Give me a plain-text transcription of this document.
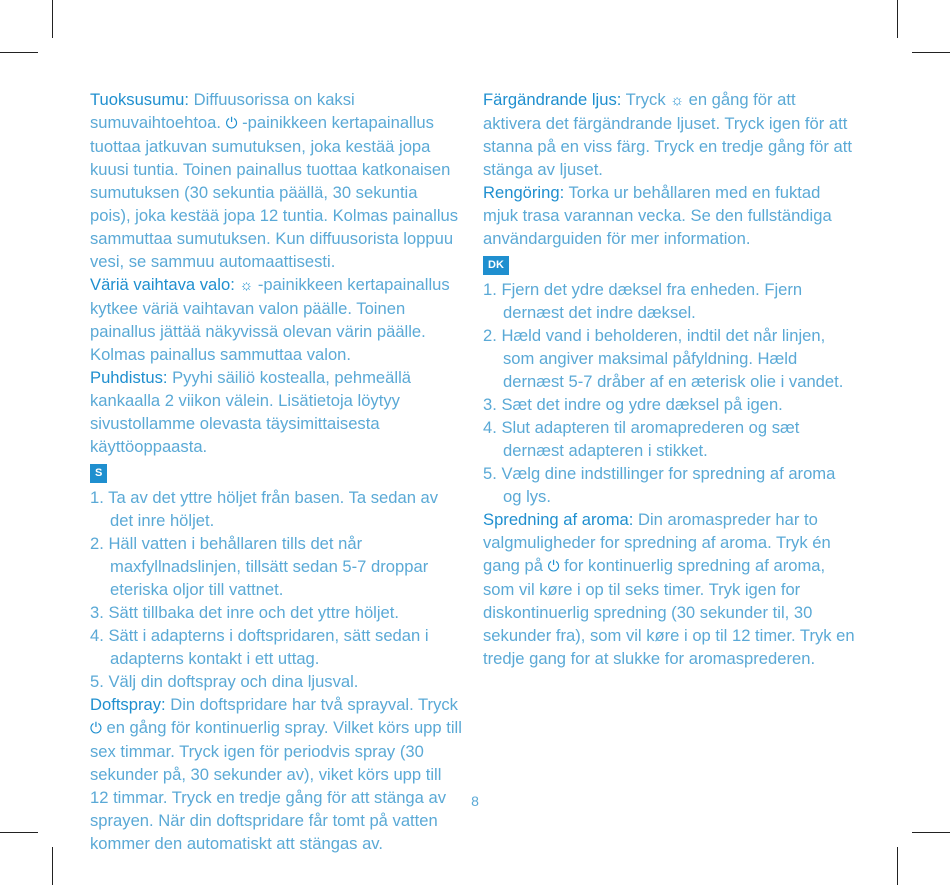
Tuoksusumu: Diffuusorissa on kaksi sumuvaihtoehtoa. ⏻ -painikkeen kertapainallus tuottaa jatkuvan sumutuksen, joka kestää jopa kuusi tuntia. Toinen painallus tuottaa katkonaisen sumutuksen (30 sekuntia päällä, 30 sekuntia pois), joka kestää jopa 12 tuntia. Kolmas painallus sammuttaa sumutuksen. Kun diffuusorista loppuu vesi, se sammuu automaattisesti.

Väriä vaihtava valo: ☼ -painikkeen kertapainallus kytkee väriä vaihtavan valon päälle. Toinen painallus jättää näkyvissä olevan värin päälle. Kolmas painallus sammuttaa valon.

Puhdistus: Pyyhi säiliö kostealla, pehmeällä kankaalla 2 viikon välein. Lisätietoja löytyy sivustollamme olevasta täysimittaisesta käyttöoppaasta.

S
1. Ta av det yttre höljet från basen. Ta sedan av det inre höljet.
2. Häll vatten i behållaren tills det når maxfyllnadslinjen, tillsätt sedan 5-7 droppar eteriska oljor till vattnet.
3. Sätt tillbaka det inre och det yttre höljet.
4. Sätt i adapterns i doftspridaren, sätt sedan i adapterns kontakt i ett uttag.
5. Välj din doftspray och dina ljusval.

Doftspray: Din doftspridare har två sprayval. Tryck ⏻ en gång för kontinuerlig spray. Vilket körs upp till sex timmar. Tryck igen för periodvis spray (30 sekunder på, 30 sekunder av), viket körs upp till 12 timmar. Tryck en tredje gång för att stänga av sprayen. När din doftspridare får tomt på vatten kommer den automatiskt att stängas av.

Färgändrande ljus: Tryck ☼ en gång för att aktivera det färgändrande ljuset. Tryck igen för att stanna på en viss färg. Tryck en tredje gång för att stänga av ljuset.

Rengöring: Torka ur behållaren med en fuktad mjuk trasa varannan vecka. Se den fullständiga användarguiden för mer information.

DK
1. Fjern det ydre dæksel fra enheden. Fjern dernæst det indre dæksel.
2. Hæld vand i beholderen, indtil det når linjen, som angiver maksimal påfyldning. Hæld dernæst 5-7 dråber af en æterisk olie i vandet.
3. Sæt det indre og ydre dæksel på igen.
4. Slut adapteren til aromaprederen og sæt dernæst adapteren i stikket.
5. Vælg dine indstillinger for spredning af aroma og lys.

Spredning af aroma: Din aromaspreder har to valgmuligheder for spredning af aroma. Tryk én gang på ⏻ for kontinuerlig spredning af aroma, som vil køre i op til seks timer. Tryk igen for diskontinuerlig spredning (30 sekunder til, 30 sekunder fra), som vil køre i op til 12 timer. Tryk en tredje gang for at slukke for aromasprederen.

8
